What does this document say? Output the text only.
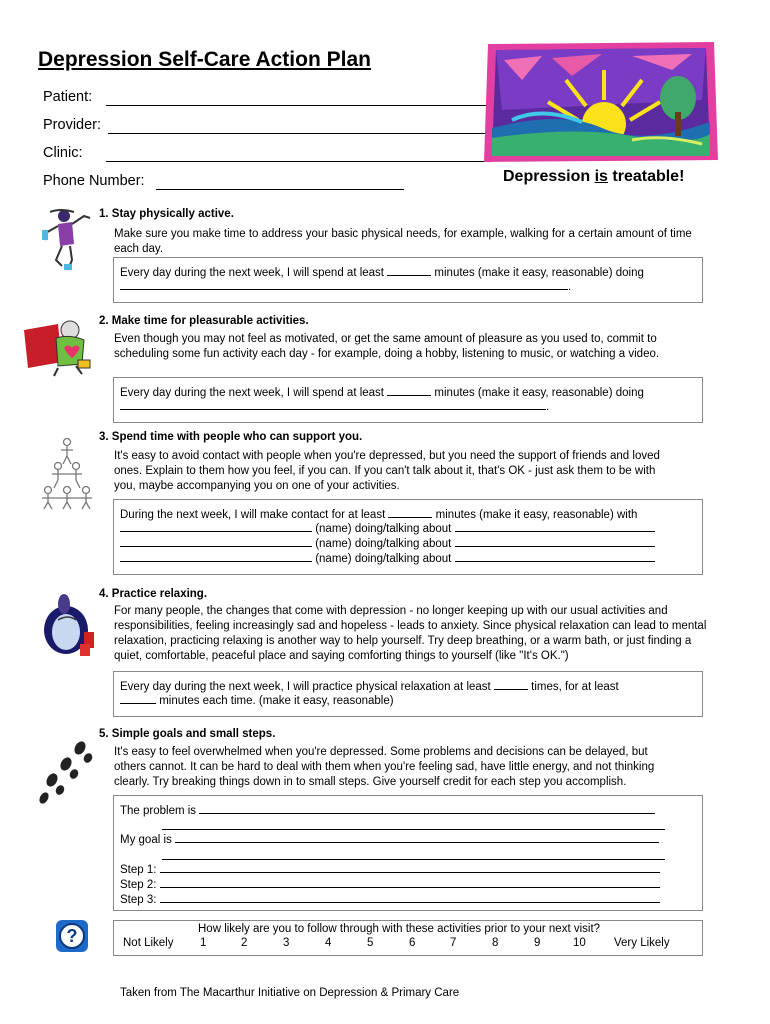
Depression Self-Care Action Plan
Patient:
Provider:
Clinic:
Phone Number:	Depression is treatable!
1. Stay physically active.
Make sure you make time to address your basic physical needs, for example, walking for a certain amount of time each day.
Every day during the next week, I will spend at least	minutes (make it easy, reasonable) doing
.
2. Make time for pleasurable activities.
Even though you may not feel as motivated, or get the same amount of pleasure as you used to, commit to scheduling some fun activity each day - for example, doing a hobby, listening to music, or watching a video.
Every day during the next week, I will spend at least	minutes (make it easy, reasonable) doing
.
3. Spend time with people who can support you.
It's easy to avoid contact with people when you're depressed, but you need the support of friends and loved ones. Explain to them how you feel, if you can. If you can't talk about it, that's OK - just ask them to be with you, maybe accompanying you on one of your activities.
During the next week, I will make contact for at least	minutes (make it easy, reasonable) with
(name) doing/talking about
(name) doing/talking about
(name) doing/talking about
4. Practice relaxing.
For many people, the changes that come with depression - no longer keeping up with our usual activities and responsibilities, feeling increasingly sad and hopeless - leads to anxiety. Since physical relaxation can lead to mental relaxation, practicing relaxing is another way to help yourself. Try deep breathing, or a warm bath, or just finding a quiet, comfortable, peaceful place and saying comforting things to yourself (like "It's OK.")
Every day during the next week, I will practice physical relaxation at least	times, for at least
minutes each time. (make it easy, reasonable)
5. Simple goals and small steps.
It's easy to feel overwhelmed when you're depressed. Some problems and decisions can be delayed, but others cannot. It can be hard to deal with them when you're feeling sad, have little energy, and not thinking clearly. Try breaking things down in to small steps. Give yourself credit for each step you accomplish.
The problem is
My goal is
Step 1:
Step 2:
Step 3:
?	How likely are you to follow through with these activities prior to your next visit?
Not Likely 1	2	3	4	5	6	7	8	9	10 Very Likely
Taken from The Macarthur Initiative on Depression & Primary Care
